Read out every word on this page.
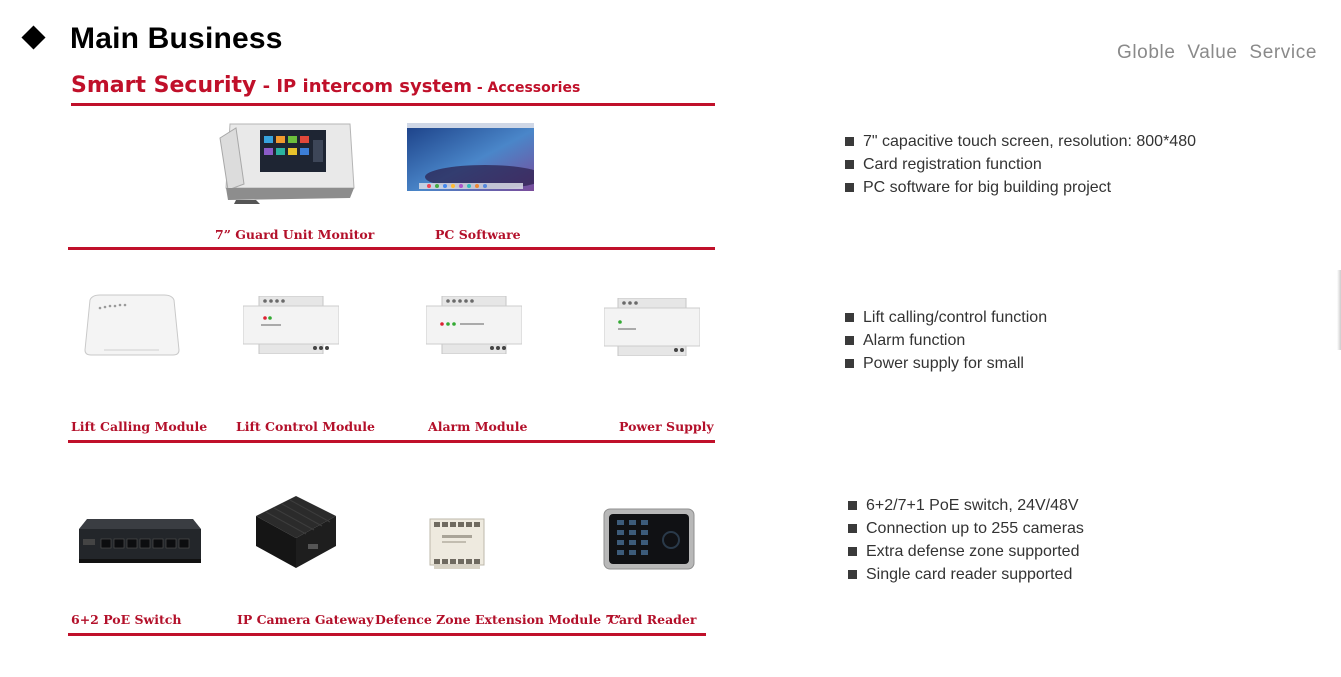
Main Business	Globle Value Service
Smart Security - IP intercom system - Accessories
7” Guard Unit Monitor	PC Software
7" capacitive touch screen, resolution: 800*480
Card registration function
PC software for big building project
Lift Calling Module Lift Control Module	Alarm Module	Power Supply
Lift calling/control function
Alarm function
Power supply for small
6+2 PoE Switch	IP Camera Gateway Defence Zone Extension Module 7”
Card Reader
6+2/7+1 PoE switch, 24V/48V
Connection up to 255 cameras
Extra defense zone supported
Single card reader supported
